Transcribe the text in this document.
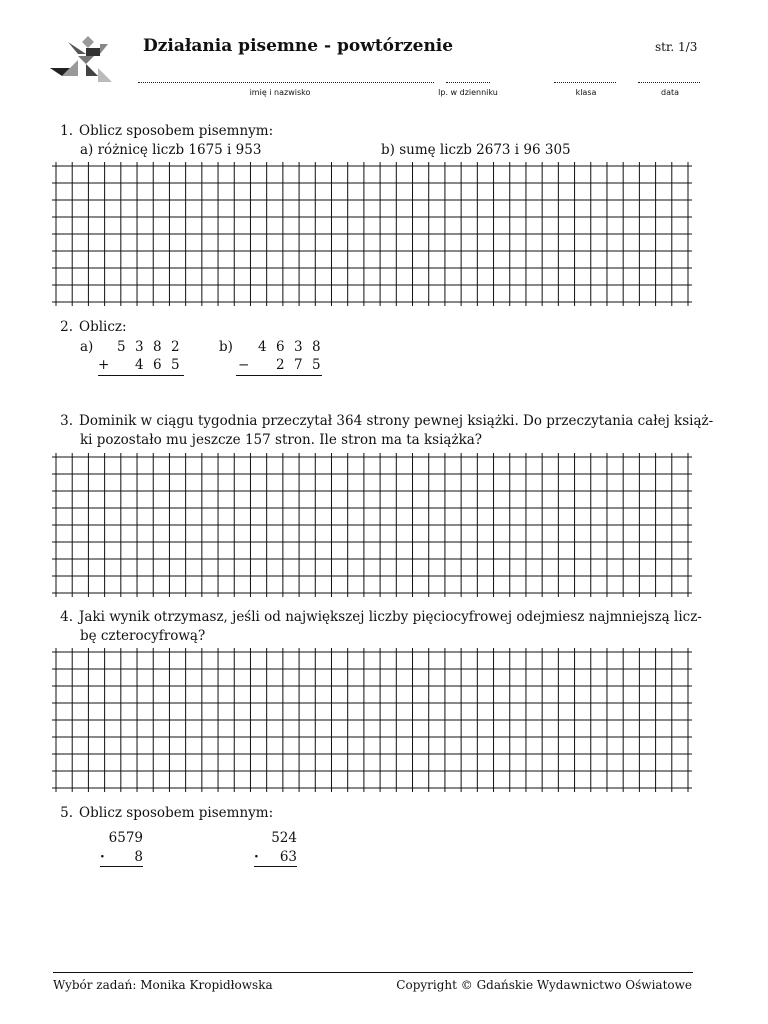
Działania pisemne - powtórzenie	str. 1/3
imię i nazwisko	lp. w dzienniku	klasa	data
1. Oblicz sposobem pisemnym:
a) różnicę liczb 1675 i 953	b) sumę liczb 2673 i 96 305
2. Oblicz:
a) 5 3 8 2
+ 4 6 5
b) 4 6 3 8
− 2 7 5
3. Dominik w ciągu tygodnia przeczytał 364 strony pewnej książki. Do przeczytania całej książ-
ki pozostało mu jeszcze 157 stron. Ile stron ma ta książka?
4. Jaki wynik otrzymasz, jeśli od największej liczby pięciocyfrowej odejmiesz najmniejszą licz-
bę czterocyfrową?
5. Oblicz sposobem pisemnym:
6579
· 8
524
· 63
Wybór zadań: Monika Kropidłowska	Copyright © Gdańskie Wydawnictwo Oświatowe
